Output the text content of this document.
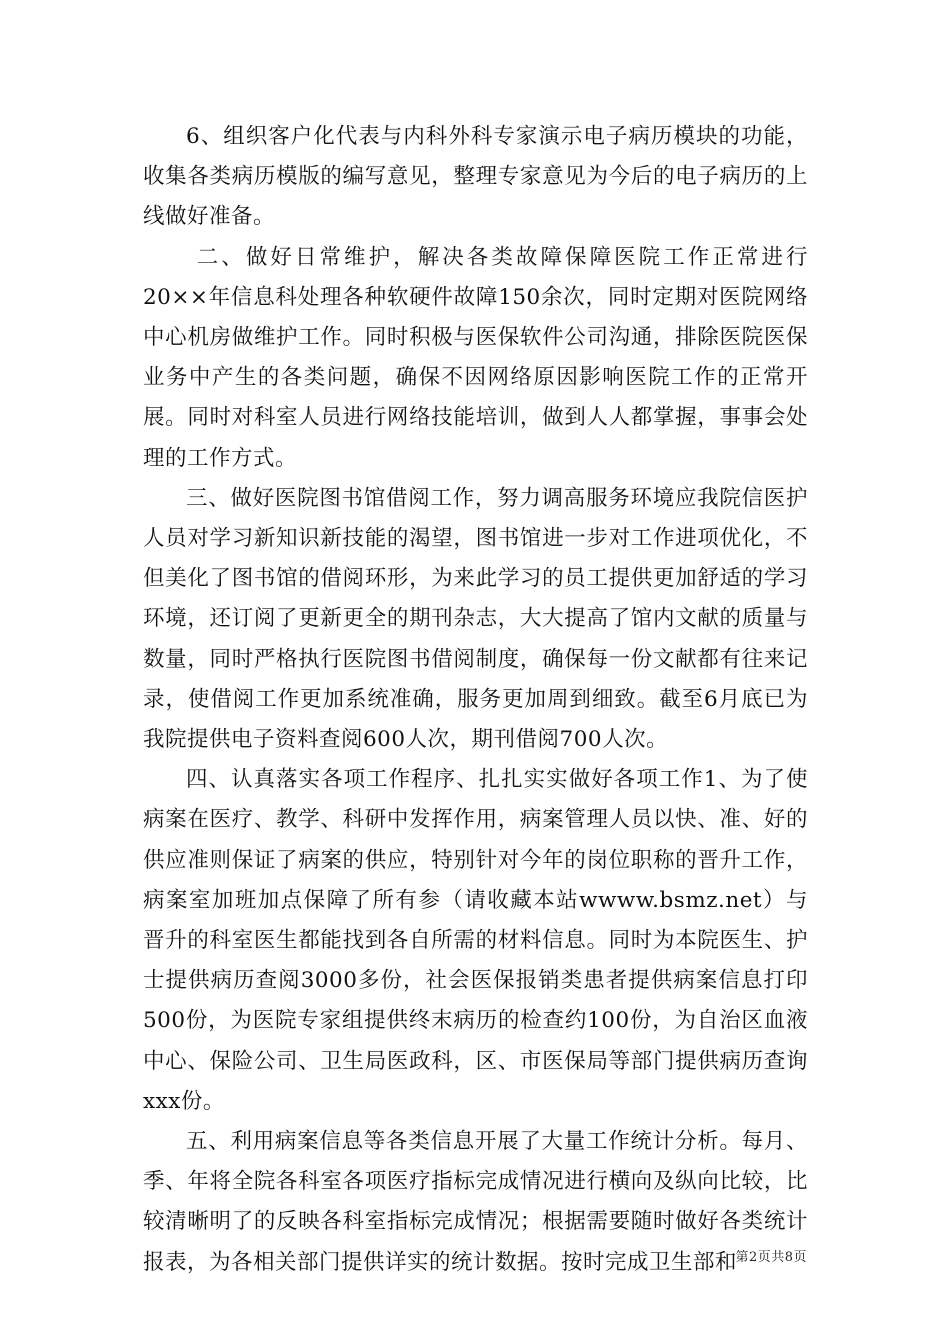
6、组织客户化代表与内科外科专家演示电子病历模块的功能，收集各类病历模版的编写意见，整理专家意见为今后的电子病历的上线做好准备。

二、做好日常维护，解决各类故障保障医院工作正常进行20××年信息科处理各种软硬件故障150余次，同时定期对医院网络中心机房做维护工作。同时积极与医保软件公司沟通，排除医院医保业务中产生的各类问题，确保不因网络原因影响医院工作的正常开展。同时对科室人员进行网络技能培训，做到人人都掌握，事事会处理的工作方式。

三、做好医院图书馆借阅工作，努力调高服务环境应我院信医护人员对学习新知识新技能的渴望，图书馆进一步对工作进项优化，不但美化了图书馆的借阅环形，为来此学习的员工提供更加舒适的学习环境，还订阅了更新更全的期刊杂志，大大提高了馆内文献的质量与数量，同时严格执行医院图书借阅制度，确保每一份文献都有往来记录，使借阅工作更加系统准确，服务更加周到细致。截至6月底已为我院提供电子资料查阅600人次，期刊借阅700人次。

四、认真落实各项工作程序、扎扎实实做好各项工作1、为了使病案在医疗、教学、科研中发挥作用，病案管理人员以快、准、好的供应准则保证了病案的供应，特别针对今年的岗位职称的晋升工作，病案室加班加点保障了所有参（请收藏本站wwww.bsmz.net）与晋升的科室医生都能找到各自所需的材料信息。同时为本院医生、护士提供病历查阅3000多份，社会医保报销类患者提供病案信息打印500份，为医院专家组提供终末病历的检查约100份，为自治区血液中心、保险公司、卫生局医政科，区、市医保局等部门提供病历查询xxx份。

五、利用病案信息等各类信息开展了大量工作统计分析。每月、季、年将全院各科室各项医疗指标完成情况进行横向及纵向比较，比较清晰明了的反映各科室指标完成情况；根据需要随时做好各类统计报表，为各相关部门提供详实的统计数据。按时完成卫生部和

第2页共8页
